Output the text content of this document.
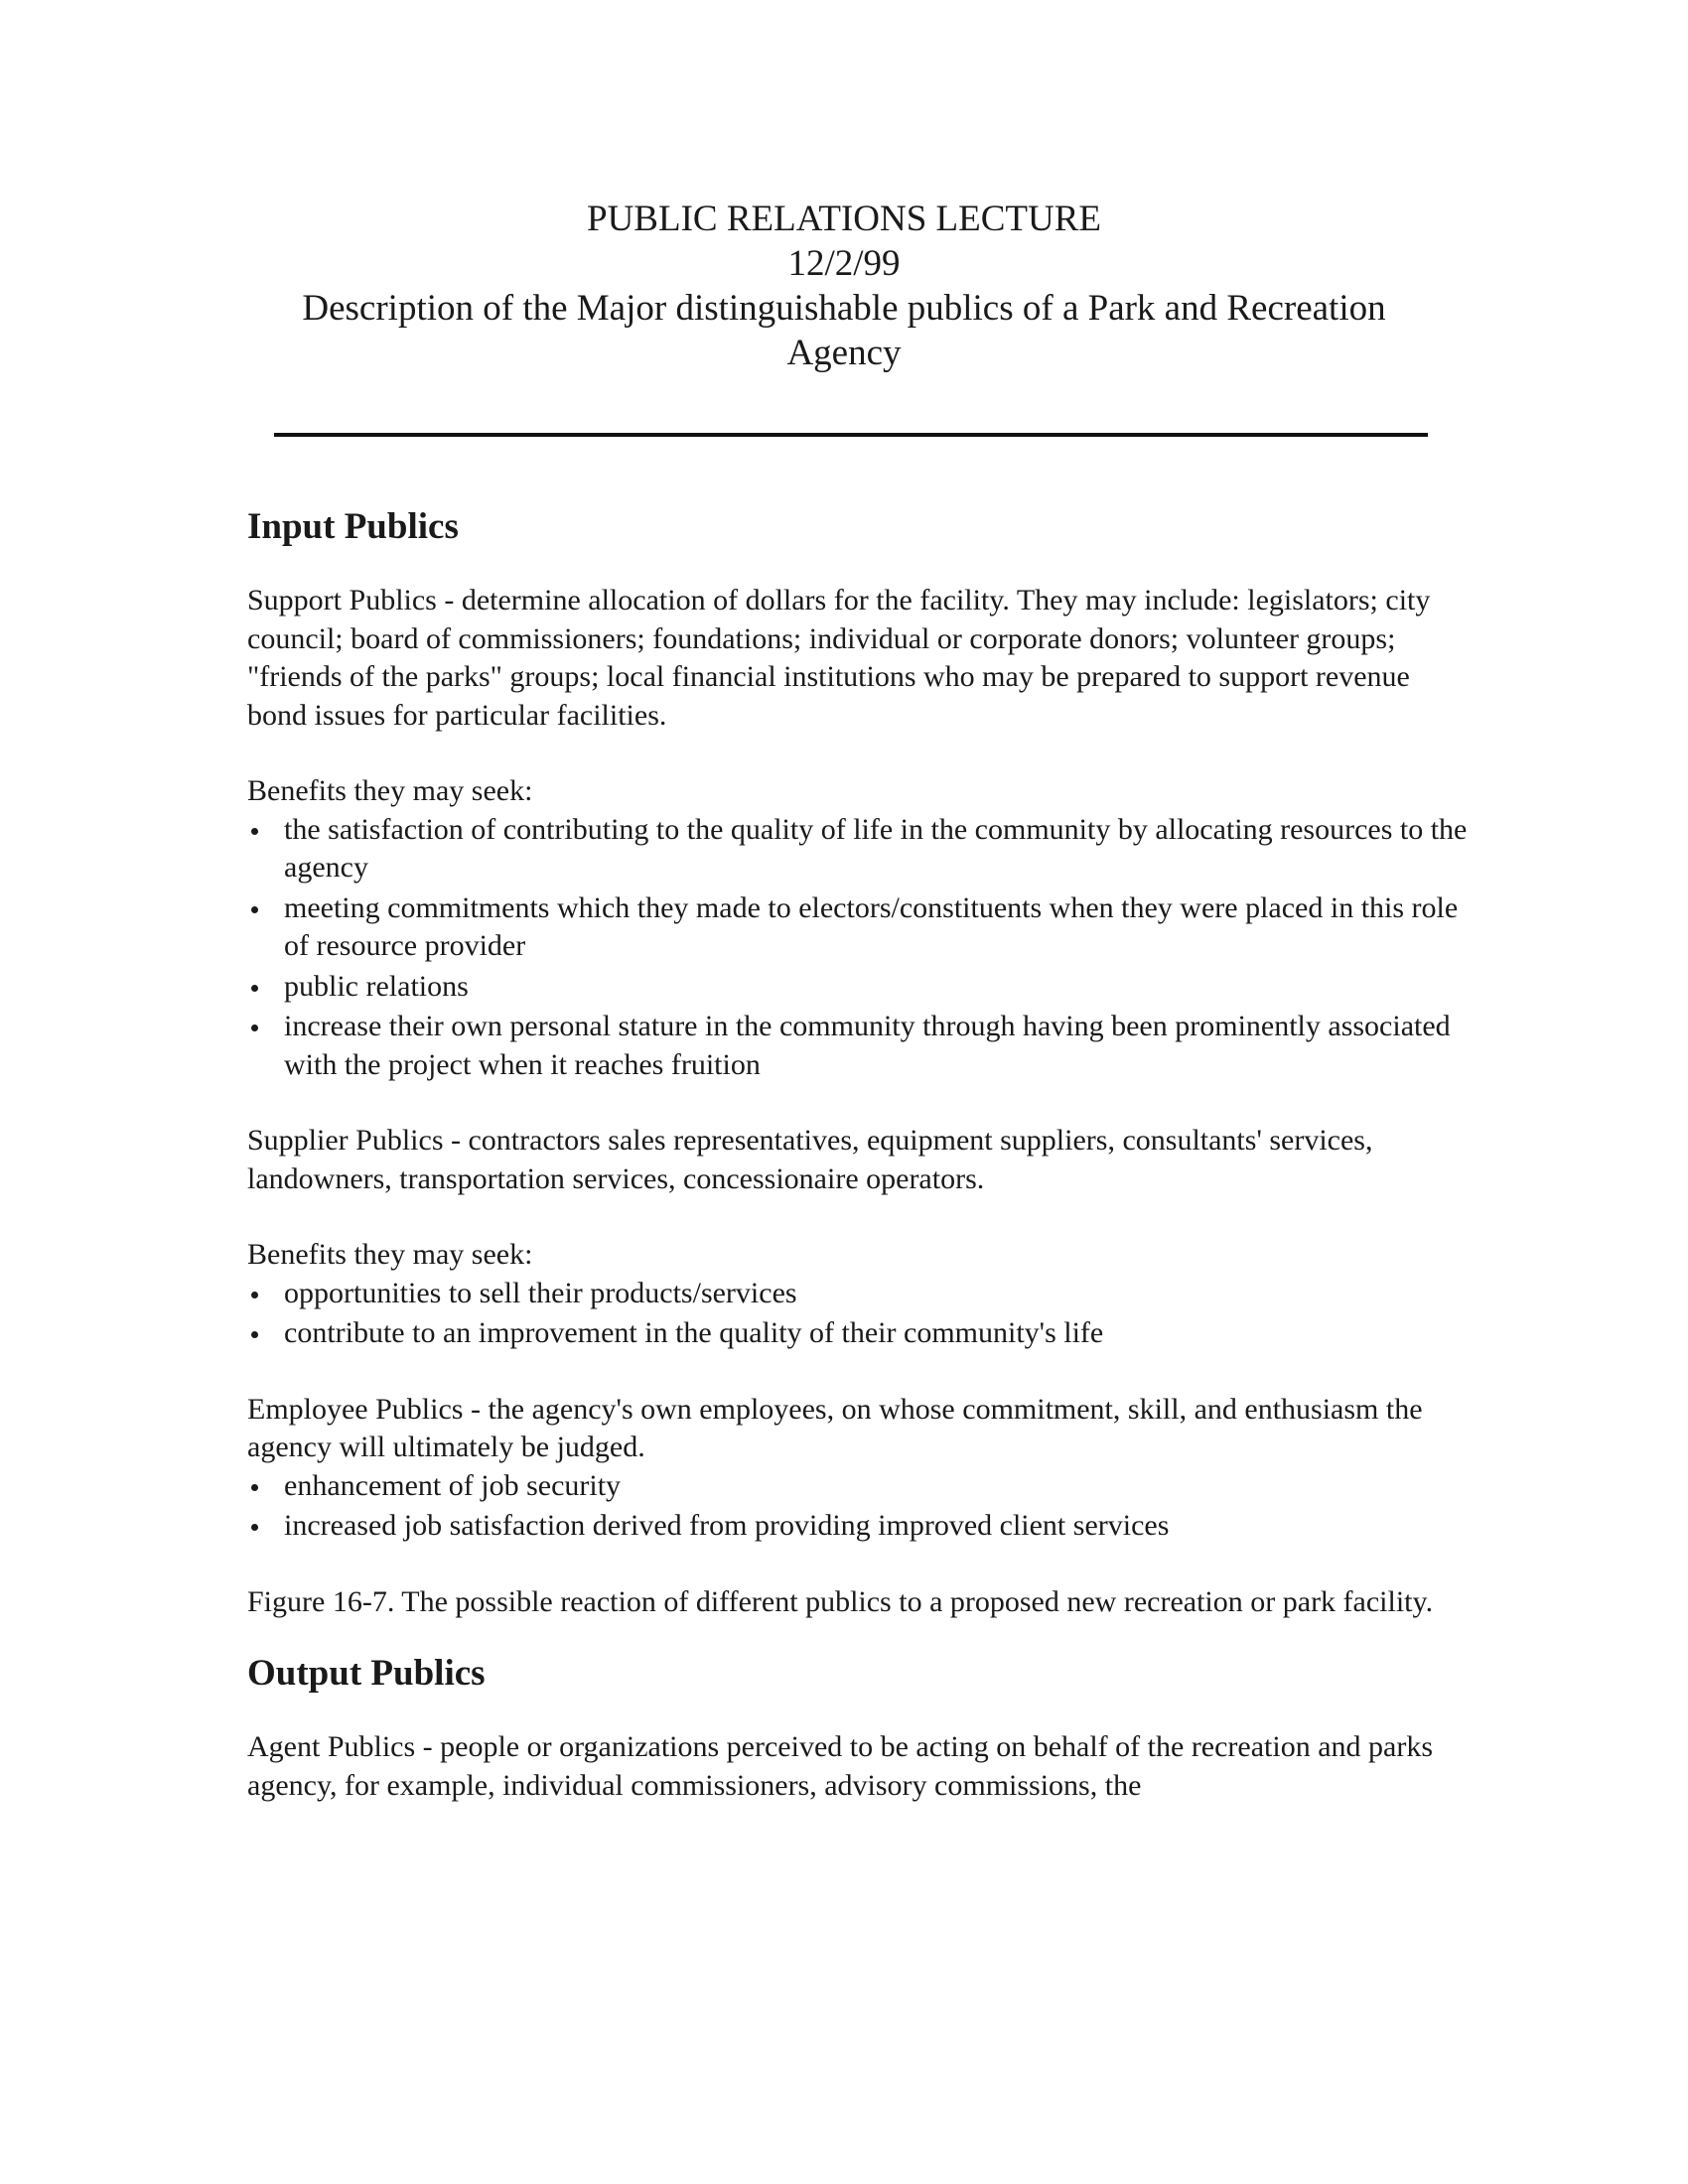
PUBLIC RELATIONS LECTURE
12/2/99
Description of the Major distinguishable publics of a Park and Recreation
Agency
Input Publics

Support Publics - determine allocation of dollars for the facility. They may include: legislators; city council; board of commissioners; foundations; individual or corporate donors; volunteer groups; "friends of the parks" groups; local financial institutions who may be prepared to support revenue bond issues for particular facilities.

Benefits they may seek:

the satisfaction of contributing to the quality of life in the community by allocating resources to the agency
meeting commitments which they made to electors/constituents when they were placed in this role of resource provider
public relations
increase their own personal stature in the community through having been prominently associated with the project when it reaches fruition

Supplier Publics - contractors sales representatives, equipment suppliers, consultants' services, landowners, transportation services, concessionaire operators.

Benefits they may seek:

opportunities to sell their products/services
contribute to an improvement in the quality of their community's life

Employee Publics - the agency's own employees, on whose commitment, skill, and enthusiasm the agency will ultimately be judged.

enhancement of job security
increased job satisfaction derived from providing improved client services

Figure 16-7. The possible reaction of different publics to a proposed new recreation or park facility.

Output Publics

Agent Publics - people or organizations perceived to be acting on behalf of the recreation and parks agency, for example, individual commissioners, advisory commissions, the
